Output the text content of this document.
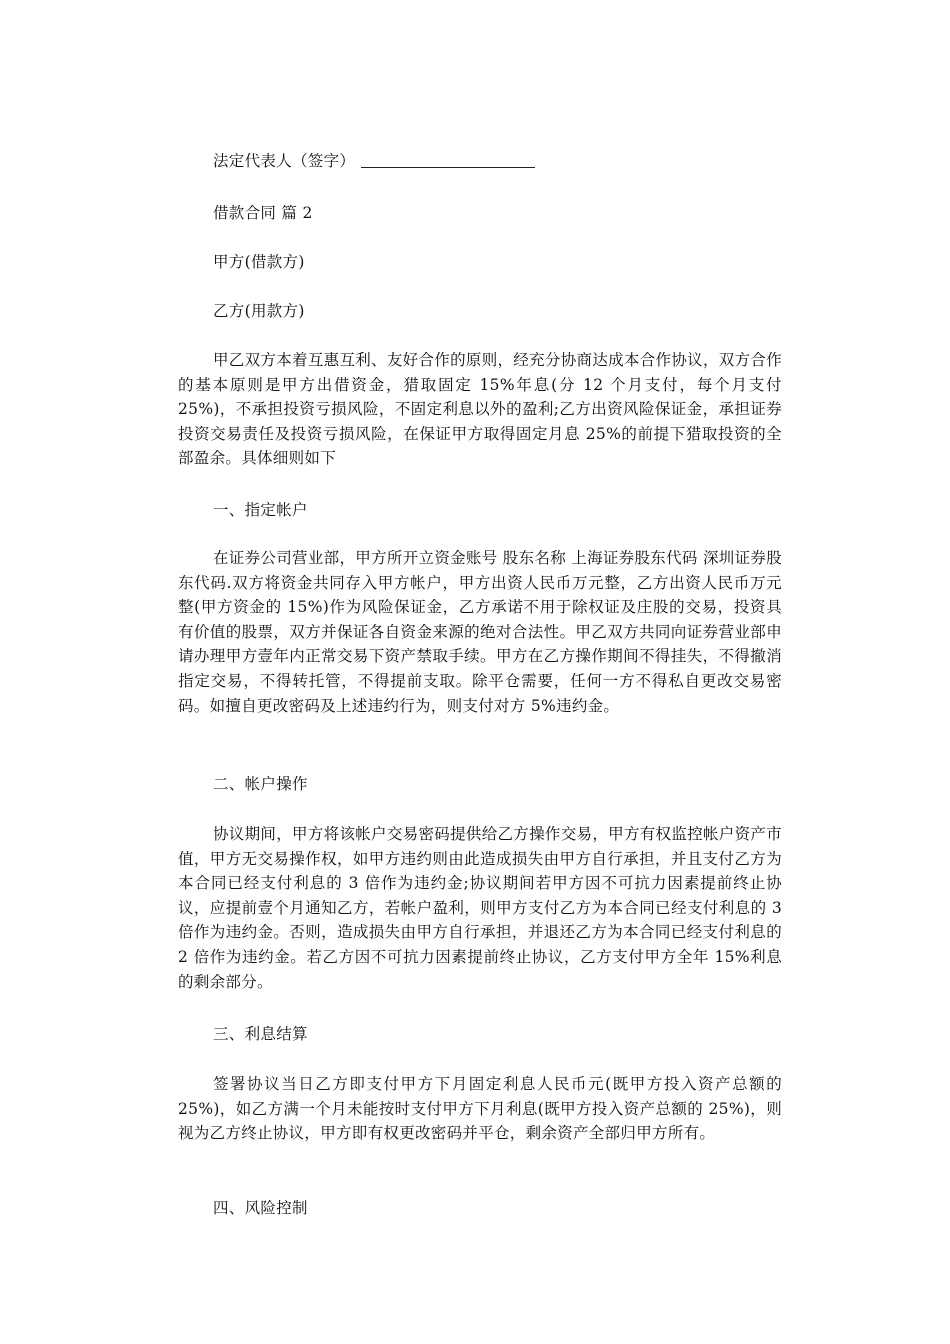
法定代表人（签字）
借款合同 篇 2
甲方(借款方)
乙方(用款方)
甲乙双方本着互惠互利、友好合作的原则，经充分协商达成本合作协议，双方合作的基本原则是甲方出借资金，猎取固定 15%年息(分 12 个月支付，每个月支付 25%)，不承担投资亏损风险，不固定利息以外的盈利;乙方出资风险保证金，承担证券投资交易责任及投资亏损风险，在保证甲方取得固定月息 25%的前提下猎取投资的全部盈余。具体细则如下
一、指定帐户
在证券公司营业部，甲方所开立资金账号 股东名称 上海证券股东代码 深圳证券股东代码.双方将资金共同存入甲方帐户，甲方出资人民币万元整，乙方出资人民币万元整(甲方资金的 15%)作为风险保证金，乙方承诺不用于除权证及庄股的交易，投资具有价值的股票，双方并保证各自资金来源的绝对合法性。甲乙双方共同向证券营业部申请办理甲方壹年内正常交易下资产禁取手续。甲方在乙方操作期间不得挂失，不得撤消指定交易，不得转托管，不得提前支取。除平仓需要，任何一方不得私自更改交易密码。如擅自更改密码及上述违约行为，则支付对方 5%违约金。
二、帐户操作
协议期间，甲方将该帐户交易密码提供给乙方操作交易，甲方有权监控帐户资产市值，甲方无交易操作权，如甲方违约则由此造成损失由甲方自行承担，并且支付乙方为本合同已经支付利息的 3 倍作为违约金;协议期间若甲方因不可抗力因素提前终止协议，应提前壹个月通知乙方，若帐户盈利，则甲方支付乙方为本合同已经支付利息的 3 倍作为违约金。否则，造成损失由甲方自行承担，并退还乙方为本合同已经支付利息的 2 倍作为违约金。若乙方因不可抗力因素提前终止协议，乙方支付甲方全年 15%利息的剩余部分。
三、利息结算
签署协议当日乙方即支付甲方下月固定利息人民币元(既甲方投入资产总额的 25%)，如乙方满一个月未能按时支付甲方下月利息(既甲方投入资产总额的 25%)，则视为乙方终止协议，甲方即有权更改密码并平仓，剩余资产全部归甲方所有。
四、风险控制
